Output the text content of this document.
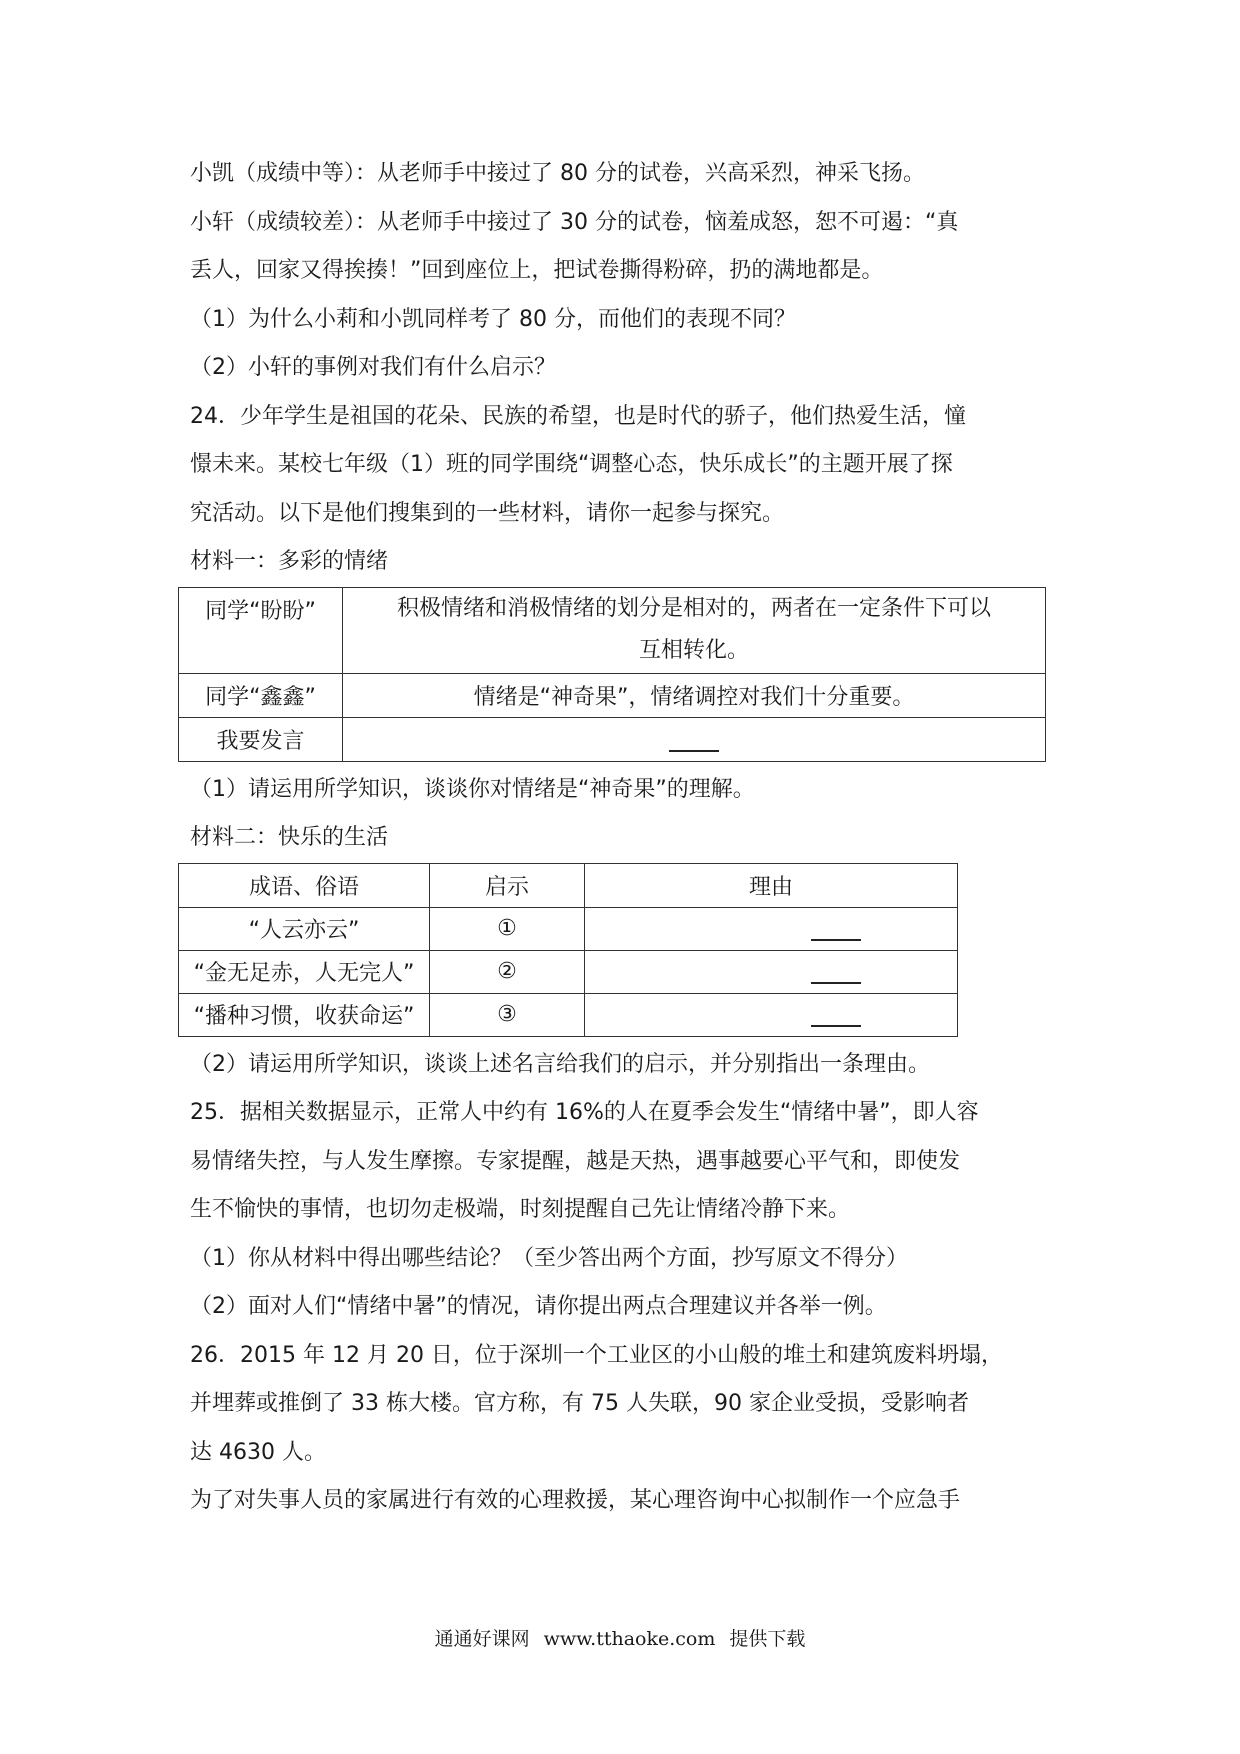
小凯（成绩中等）：从老师手中接过了 80 分的试卷，兴高采烈，神采飞扬。

小轩（成绩较差）：从老师手中接过了 30 分的试卷，恼羞成怒，恕不可遏：“真

丢人，回家又得挨揍！”回到座位上，把试卷撕得粉碎，扔的满地都是。

（1）为什么小莉和小凯同样考了 80 分，而他们的表现不同？

（2）小轩的事例对我们有什么启示？

24．少年学生是祖国的花朵、民族的希望，也是时代的骄子，他们热爱生活，憧

憬未来。某校七年级（1）班的同学围绕“调整心态，快乐成长”的主题开展了探

究活动。以下是他们搜集到的一些材料，请你一起参与探究。

材料一：多彩的情绪

同学“盼盼”	积极情绪和消极情绪的划分是相对的，两者在一定条件下可以
互相转化。

同学“鑫鑫”	情绪是“神奇果”，情绪调控对我们十分重要。
我要发言	

（1）请运用所学知识，谈谈你对情绪是“神奇果”的理解。

材料二：快乐的生活

成语、俗语	启示	理由
“人云亦云”	①	
“金无足赤，人无完人”	②	
“播种习惯，收获命运”	③	

（2）请运用所学知识，谈谈上述名言给我们的启示，并分别指出一条理由。

25．据相关数据显示，正常人中约有 16%的人在夏季会发生“情绪中暑”，即人容

易情绪失控，与人发生摩擦。专家提醒，越是天热，遇事越要心平气和，即使发

生不愉快的事情，也切勿走极端，时刻提醒自己先让情绪冷静下来。

（1）你从材料中得出哪些结论？（至少答出两个方面，抄写原文不得分）

（2）面对人们“情绪中暑”的情况，请你提出两点合理建议并各举一例。

26．2015 年 12 月 20 日，位于深圳一个工业区的小山般的堆土和建筑废料坍塌，

并埋葬或推倒了 33 栋大楼。官方称，有 75 人失联，90 家企业受损，受影响者

达 4630 人。

为了对失事人员的家属进行有效的心理救援，某心理咨询中心拟制作一个应急手

通通好课网 www.tthaoke.com 提供下载
